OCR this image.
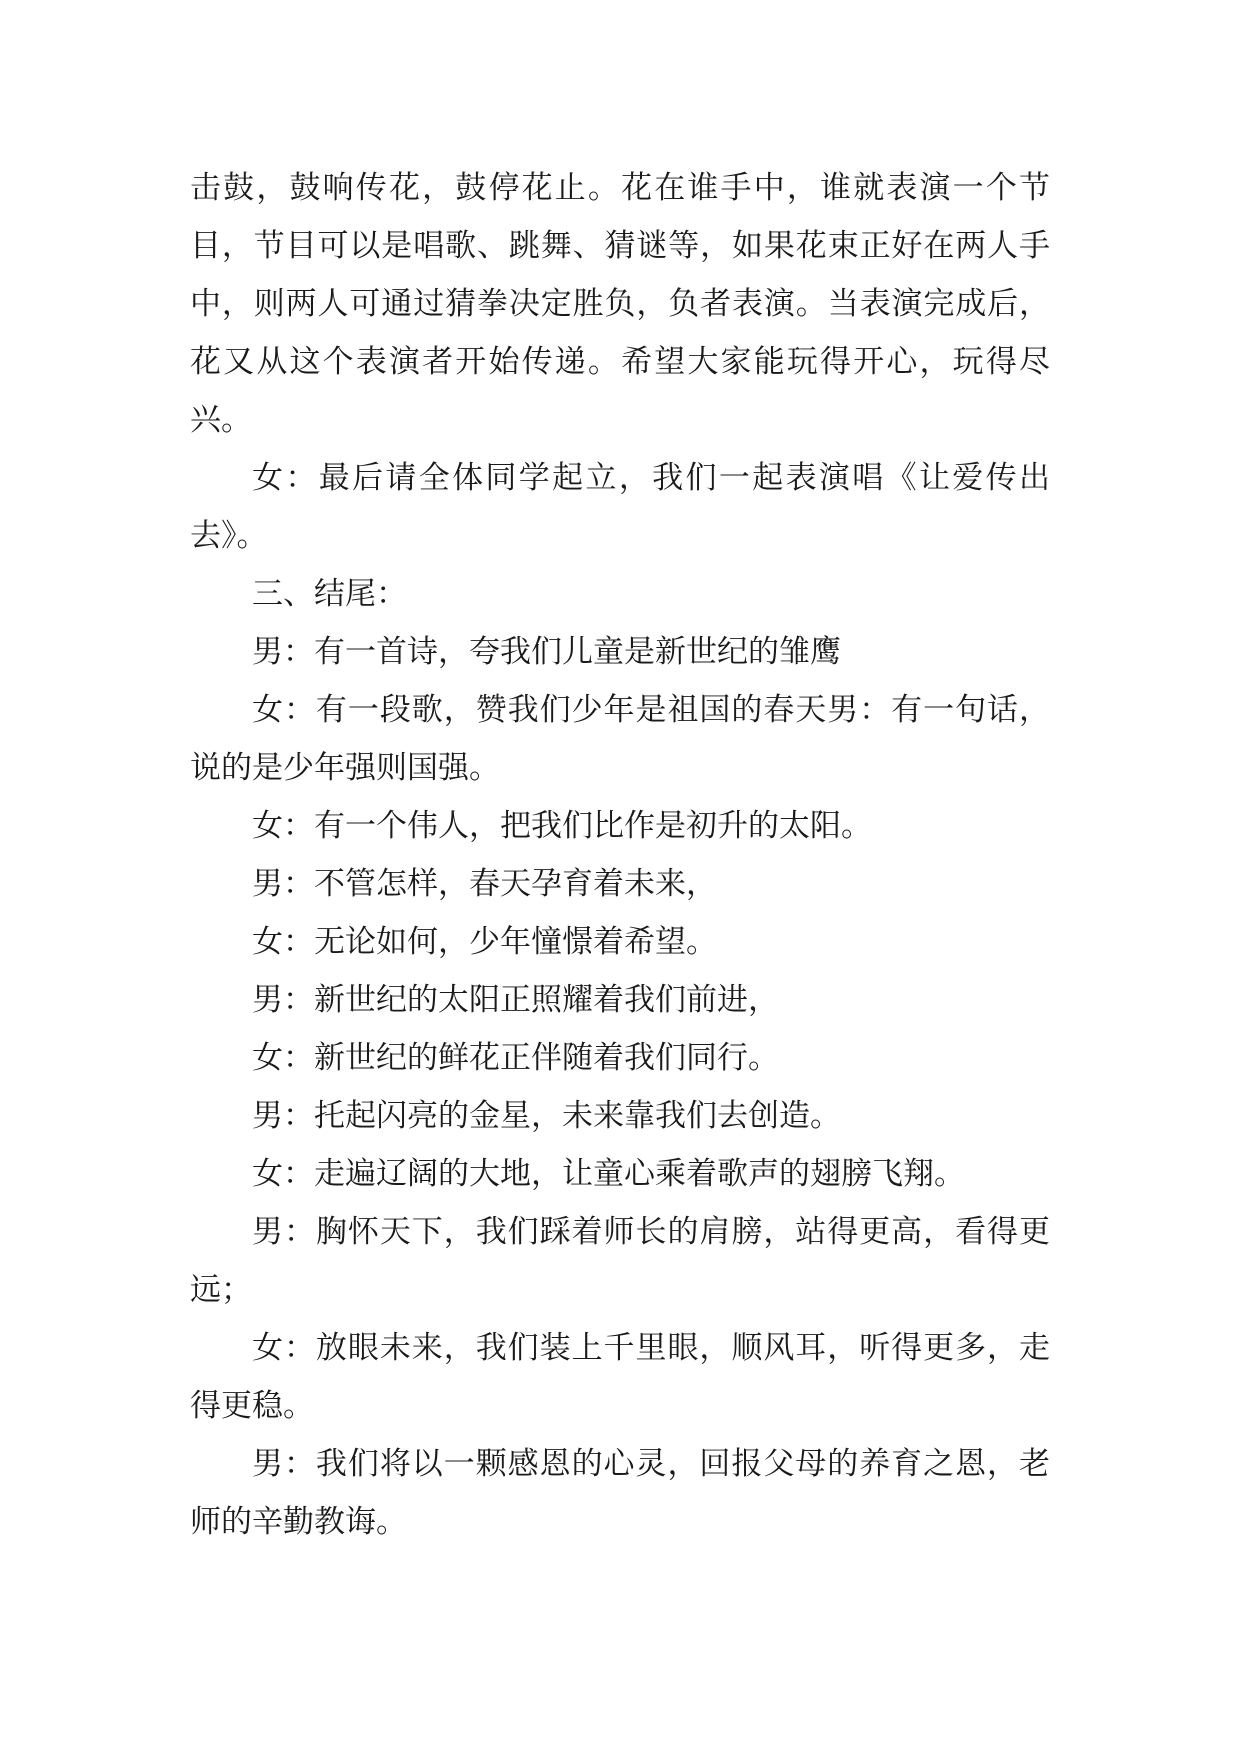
击鼓，鼓响传花，鼓停花止。花在谁手中，谁就表演一个节目，节目可以是唱歌、跳舞、猜谜等，如果花束正好在两人手中，则两人可通过猜拳决定胜负，负者表演。当表演完成后，花又从这个表演者开始传递。希望大家能玩得开心，玩得尽兴。

女：最后请全体同学起立，我们一起表演唱《让爱传出去》。

三、结尾：

男：有一首诗，夸我们儿童是新世纪的雏鹰

女：有一段歌，赞我们少年是祖国的春天男：有一句话，说的是少年强则国强。

女：有一个伟人，把我们比作是初升的太阳。

男：不管怎样，春天孕育着未来，

女：无论如何，少年憧憬着希望。

男：新世纪的太阳正照耀着我们前进，

女：新世纪的鲜花正伴随着我们同行。

男：托起闪亮的金星，未来靠我们去创造。

女：走遍辽阔的大地，让童心乘着歌声的翅膀飞翔。

男：胸怀天下，我们踩着师长的肩膀，站得更高，看得更远；

女：放眼未来，我们装上千里眼，顺风耳，听得更多，走得更稳。

男：我们将以一颗感恩的心灵，回报父母的养育之恩，老师的辛勤教诲。
